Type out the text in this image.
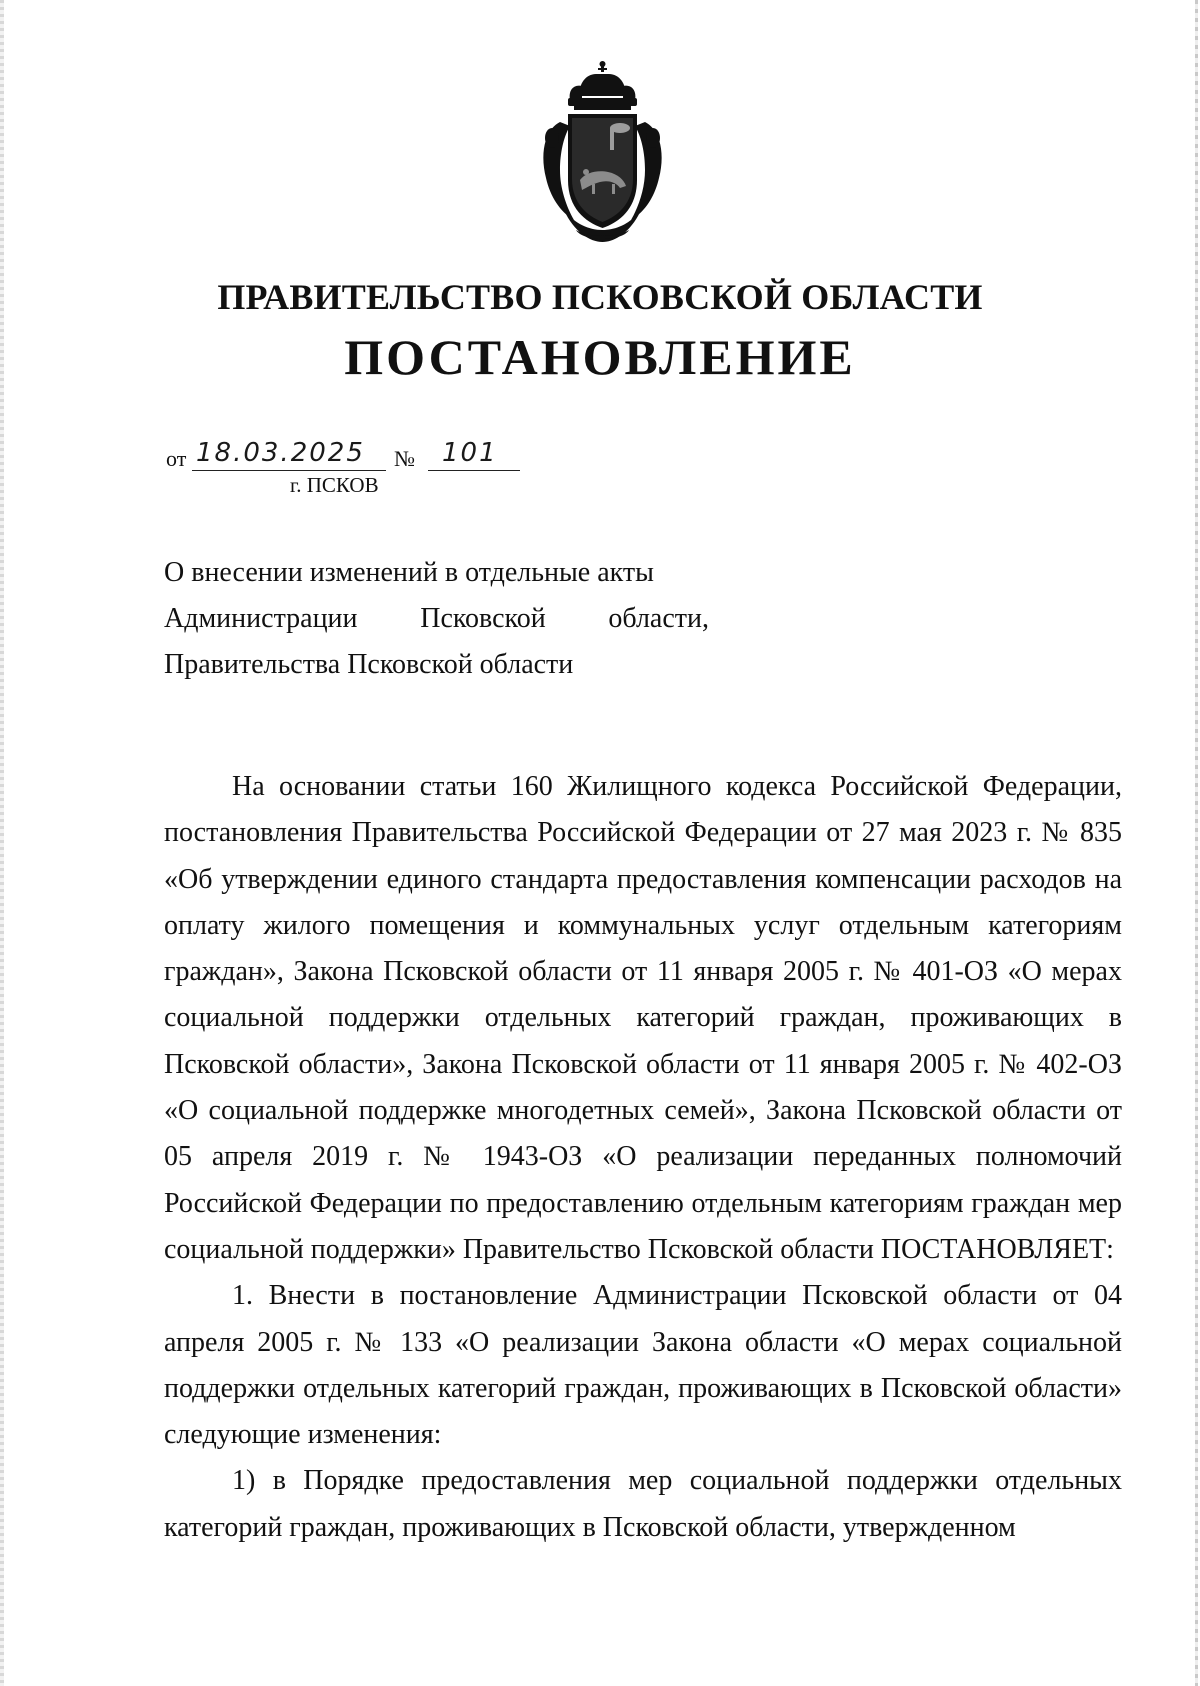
ПРАВИТЕЛЬСТВО ПСКОВСКОЙ ОБЛАСТИ
ПОСТАНОВЛЕНИЕ
от 18.03.2025 № 101
г. ПСКОВ
О внесении изменений в отдельные акты
Администрации Псковской области,
Правительства Псковской области

На основании статьи 160 Жилищного кодекса Российской Федерации, постановления Правительства Российской Федерации от 27 мая 2023 г. № 835 «Об утверждении единого стандарта предоставления компенсации расходов на оплату жилого помещения и коммунальных услуг отдельным категориям граждан», Закона Псковской области от 11 января 2005 г. № 401-ОЗ «О мерах социальной поддержки отдельных категорий граждан, проживающих в Псковской области», Закона Псковской области от 11 января 2005 г. № 402-ОЗ «О социальной поддержке многодетных семей», Закона Псковской области от 05 апреля 2019 г. № 1943-ОЗ «О реализации переданных полномочий Российской Федерации по предоставлению отдельным категориям граждан мер социальной поддержки» Правительство Псковской области ПОСТАНОВЛЯЕТ:

1. Внести в постановление Администрации Псковской области от 04 апреля 2005 г. № 133 «О реализации Закона области «О мерах социальной поддержки отдельных категорий граждан, проживающих в Псковской области» следующие изменения:

1) в Порядке предоставления мер социальной поддержки отдельных категорий граждан, проживающих в Псковской области, утвержденном
